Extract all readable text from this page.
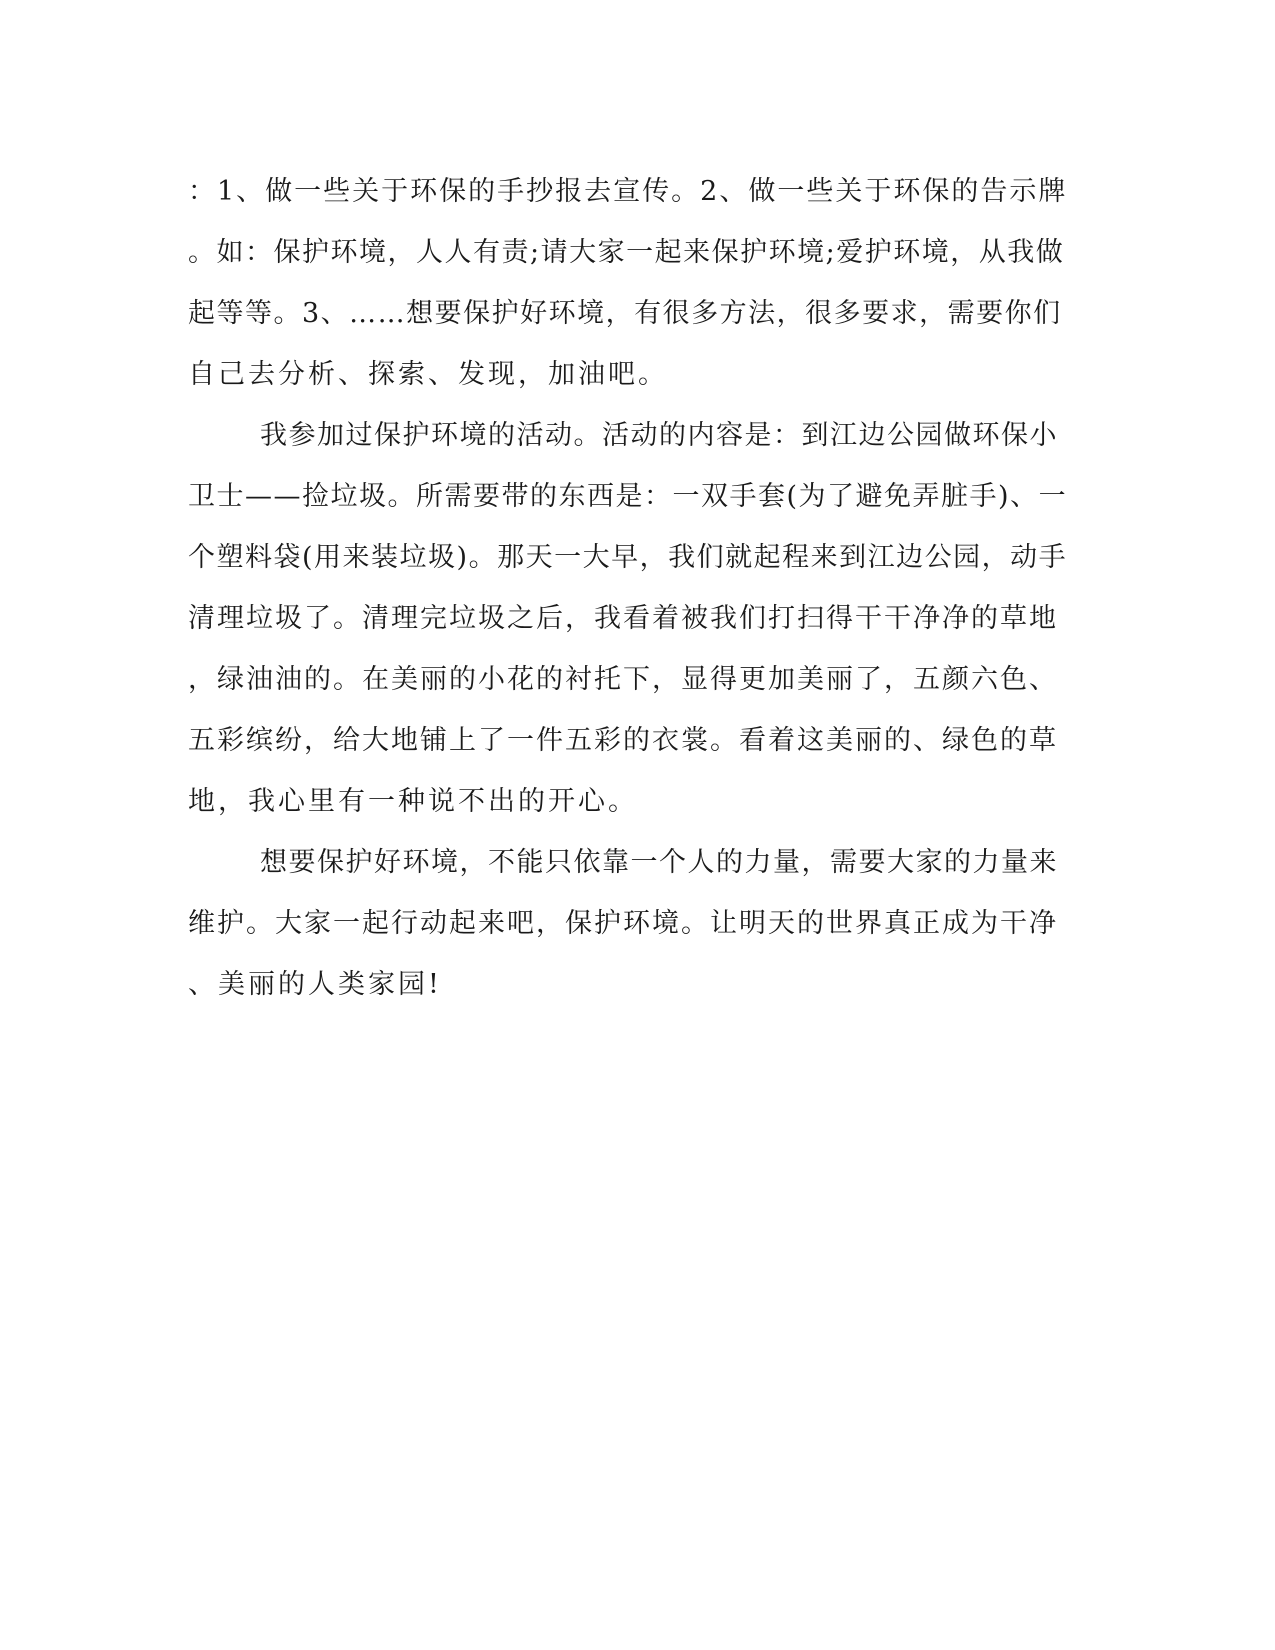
：1、做一些关于环保的手抄报去宣传。2、做一些关于环保的告示牌
。如：保护环境，人人有责;请大家一起来保护环境;爱护环境，从我做
起等等。3、……想要保护好环境，有很多方法，很多要求，需要你们
自己去分析、探索、发现，加油吧。
我参加过保护环境的活动。活动的内容是：到江边公园做环保小
卫士——捡垃圾。所需要带的东西是：一双手套(为了避免弄脏手)、一
个塑料袋(用来装垃圾)。那天一大早，我们就起程来到江边公园，动手
清理垃圾了。清理完垃圾之后，我看着被我们打扫得干干净净的草地
，绿油油的。在美丽的小花的衬托下，显得更加美丽了，五颜六色、
五彩缤纷，给大地铺上了一件五彩的衣裳。看着这美丽的、绿色的草
地，我心里有一种说不出的开心。
想要保护好环境，不能只依靠一个人的力量，需要大家的力量来
维护。大家一起行动起来吧，保护环境。让明天的世界真正成为干净
、美丽的人类家园!
